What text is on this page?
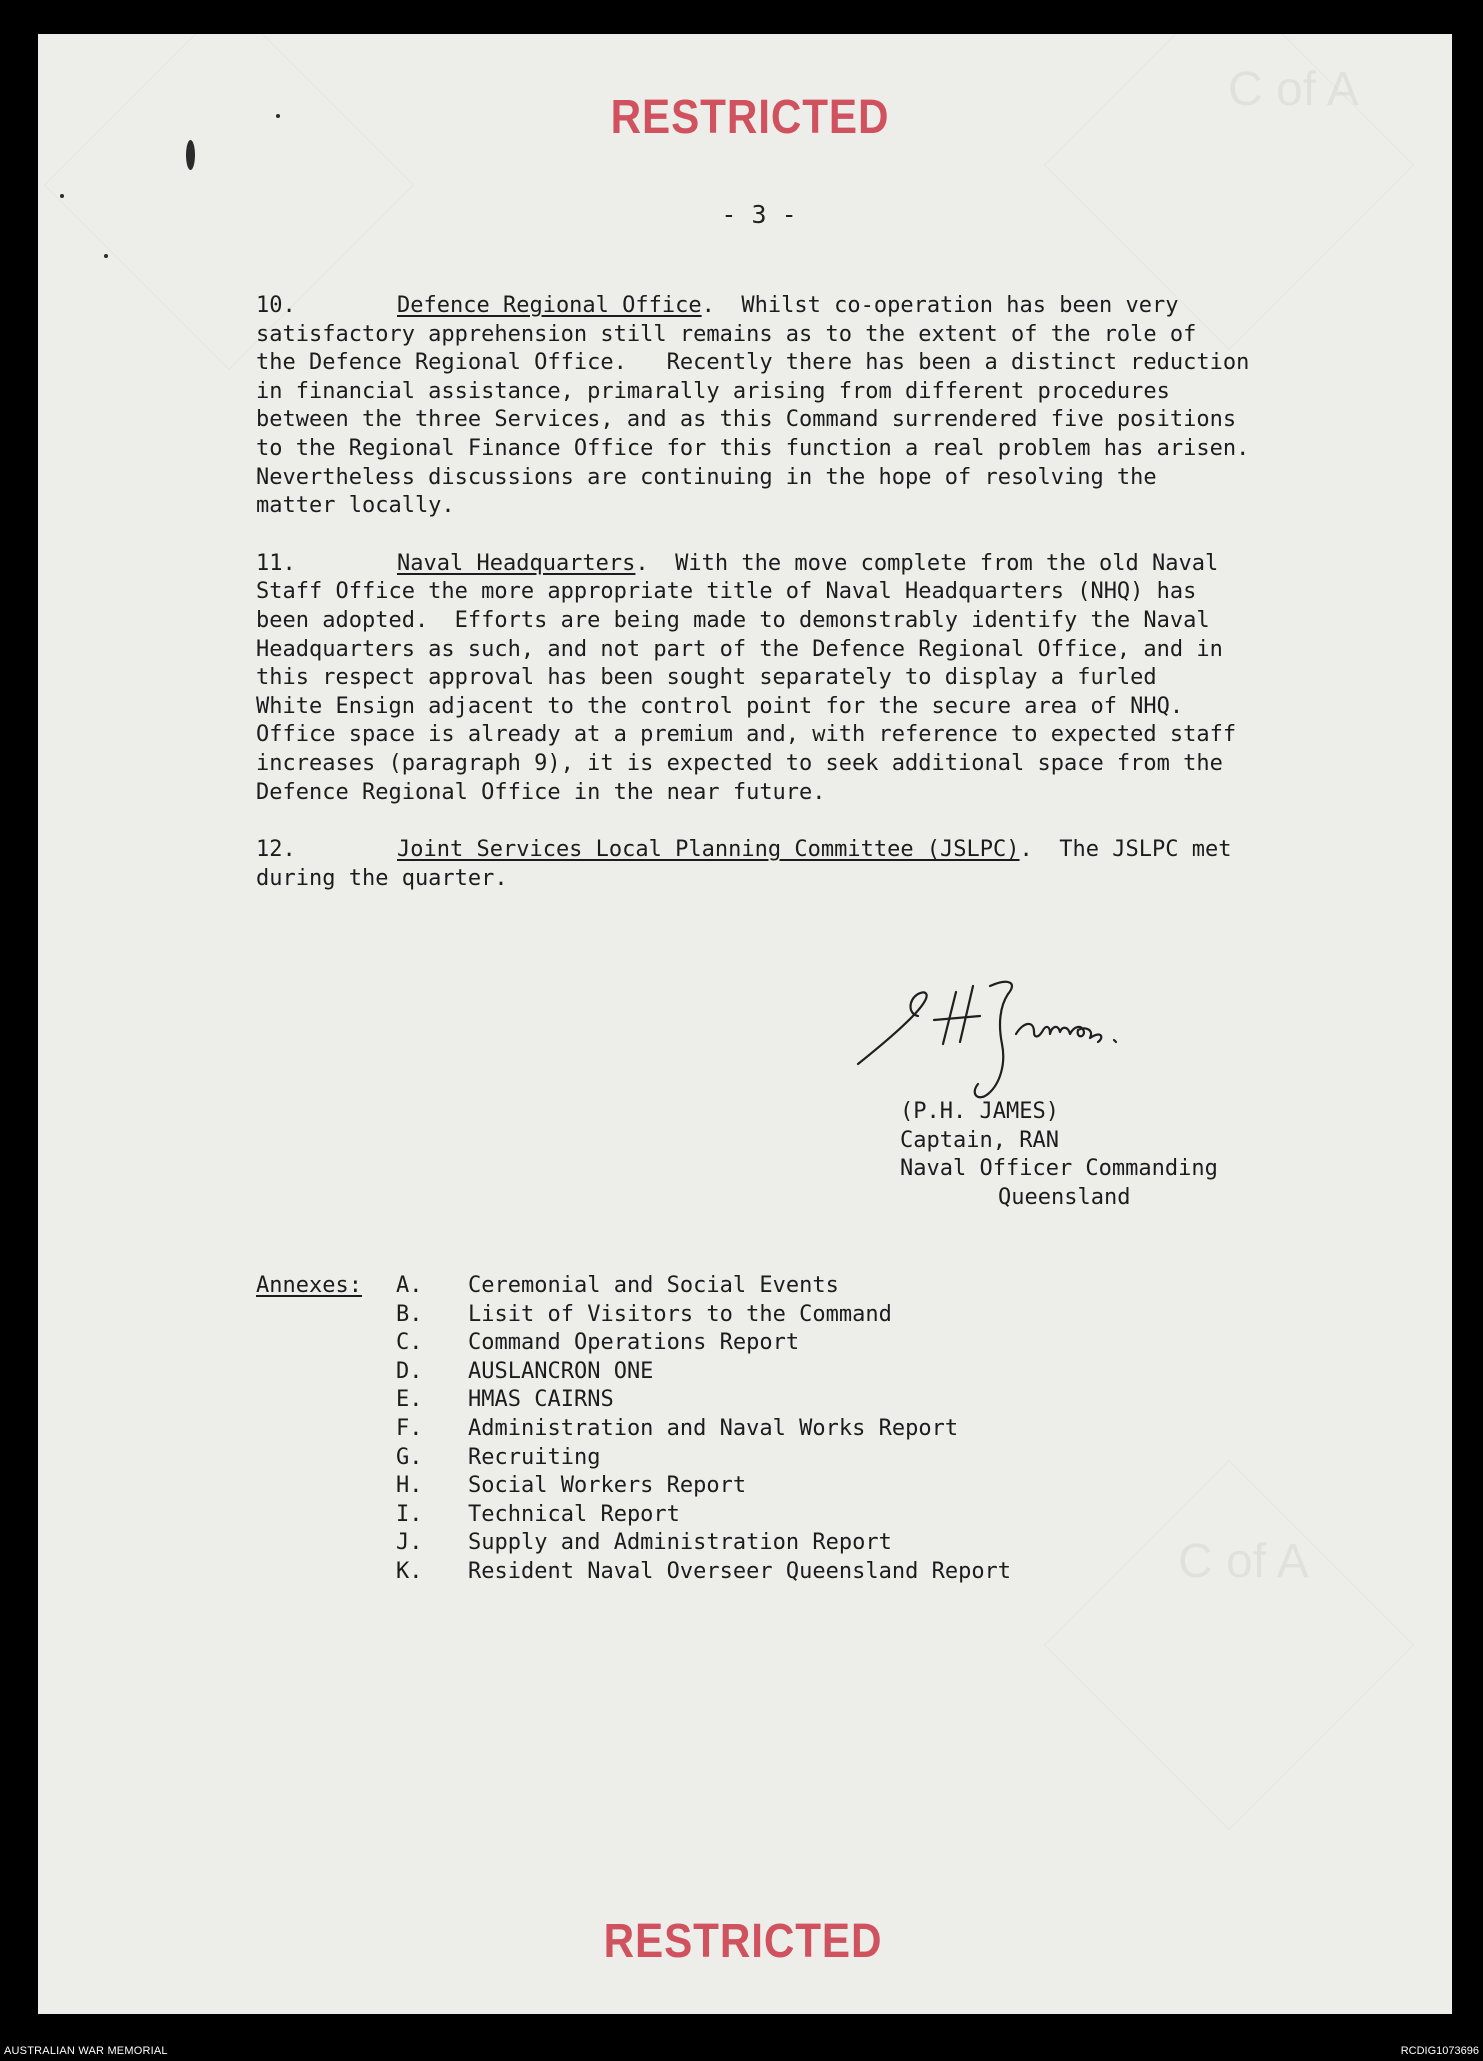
C of A
C of A
RESTRICTED
- 3 -

10.	Defence Regional Office.  Whilst co-operation has been very
satisfactory apprehension still remains as to the extent of the role of
the Defence Regional Office.   Recently there has been a distinct reduction
in financial assistance, primarally arising from different procedures
between the three Services, and as this Command surrendered five positions
to the Regional Finance Office for this function a real problem has arisen.
Nevertheless discussions are continuing in the hope of resolving the
matter locally.

11.	Naval Headquarters.  With the move complete from the old Naval
Staff Office the more appropriate title of Naval Headquarters (NHQ) has
been adopted.  Efforts are being made to demonstrably identify the Naval
Headquarters as such, and not part of the Defence Regional Office, and in
this respect approval has been sought separately to display a furled
White Ensign adjacent to the control point for the secure area of NHQ.
Office space is already at a premium and, with reference to expected staff
increases (paragraph 9), it is expected to seek additional space from the
Defence Regional Office in the near future.

12.	Joint Services Local Planning Committee (JSLPC).  The JSLPC met
during the quarter.

(P.H. JAMES)
Captain, RAN
Naval Officer Commanding
Queensland
Annexes: A. Ceremonial and Social Events
B. Lisit of Visitors to the Command
C. Command Operations Report
D. AUSLANCRON ONE
E. HMAS CAIRNS
F. Administration and Naval Works Report
G. Recruiting
H. Social Workers Report
I. Technical Report
J. Supply and Administration Report
K. Resident Naval Overseer Queensland Report
RESTRICTED
AUSTRALIAN WAR MEMORIAL	RCDIG1073696
